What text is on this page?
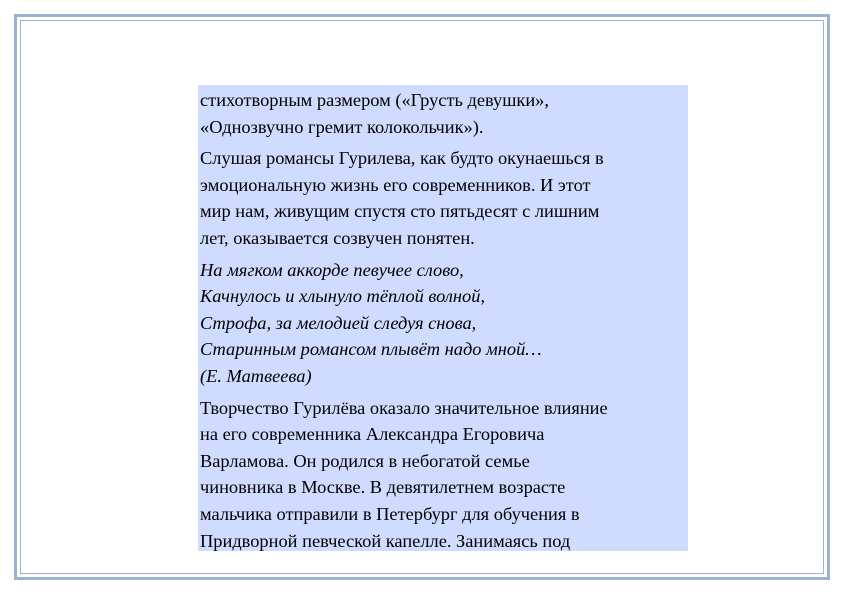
стихотворным размером («Грусть девушки»,
«Однозвучно гремит колокольчик»).

Слушая романсы Гурилева, как будто окунаешься в
эмоциональную жизнь его современников. И этот
мир нам, живущим спустя сто пятьдесят с лишним
лет, оказывается созвучен понятен.

На мягком аккорде певучее слово,
Качнулось и хлынуло тёплой волной,
Строфа, за мелодией следуя снова,
Старинным романсом плывёт надо мной…
(Е. Матвеева)

Творчество Гурилёва оказало значительное влияние
на его современника Александра Егоровича
Варламова. Он родился в небогатой семье
чиновника в Москве. В девятилетнем возрасте
мальчика отправили в Петербург для обучения в
Придворной певческой капелле. Занимаясь под
